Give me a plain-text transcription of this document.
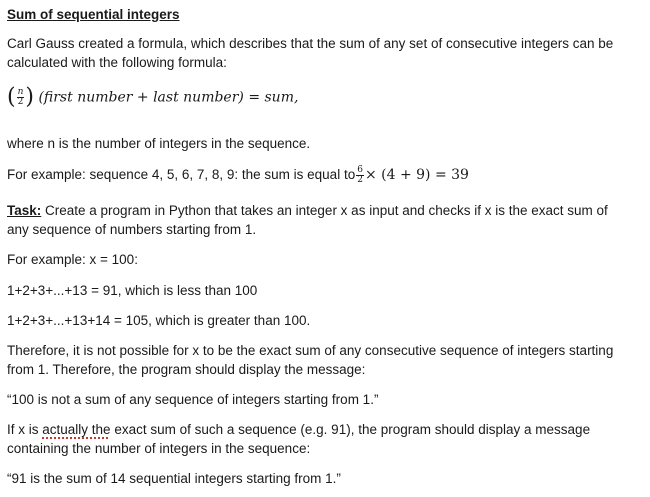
Sum of sequential integers
Carl Gauss created a formula, which describes that the sum of any set of consecutive integers can be
calculated with the following formula:
( $\frac{n}{2}$ ) (first number + last number) = sum,
where n is the number of integers in the sequence.
For example: sequence 4, 5, 6, 7, 8, 9: the sum is equal to $\frac{6}{2} \times (4 + 9) = 39$
Task: Create a program in Python that takes an integer x as input and checks if x is the exact sum of
any sequence of numbers starting from 1.
For example: x = 100:
1+2+3+...+13 = 91, which is less than 100
1+2+3+...+13+14 = 105, which is greater than 100.
Therefore, it is not possible for x to be the exact sum of any consecutive sequence of integers starting
from 1. Therefore, the program should display the message:
“100 is not a sum of any sequence of integers starting from 1.”
If x is actually the exact sum of such a sequence (e.g. 91), the program should display a message
containing the number of integers in the sequence:
“91 is the sum of 14 sequential integers starting from 1.”
